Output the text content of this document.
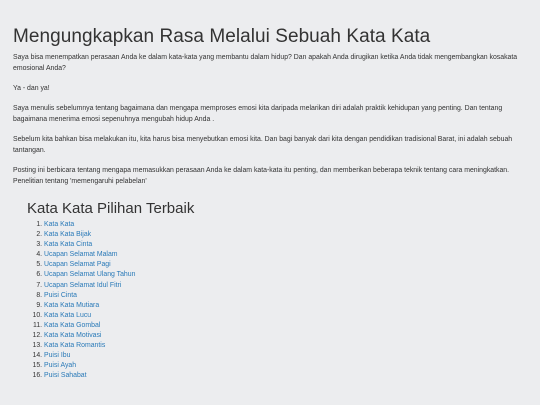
Mengungkapkan Rasa Melalui Sebuah Kata Kata

Saya bisa menempatkan perasaan Anda ke dalam kata-kata yang membantu dalam hidup? Dan apakah Anda dirugikan ketika Anda tidak mengembangkan kosakata emosional Anda?

Ya - dan ya!

Saya menulis sebelumnya tentang bagaimana dan mengapa memproses emosi kita daripada melarikan diri adalah praktik kehidupan yang penting. Dan tentang bagaimana menerima emosi sepenuhnya mengubah hidup Anda .

Sebelum kita bahkan bisa melakukan itu, kita harus bisa menyebutkan emosi kita. Dan bagi banyak dari kita dengan pendidikan tradisional Barat, ini adalah sebuah tantangan.

Posting ini berbicara tentang mengapa memasukkan perasaan Anda ke dalam kata-kata itu penting, dan memberikan beberapa teknik tentang cara meningkatkan. Penelitian tentang 'memengaruhi pelabelan'

Kata Kata Pilihan Terbaik
1. Kata Kata
2. Kata Kata Bijak
3. Kata Kata Cinta
4. Ucapan Selamat Malam
5. Ucapan Selamat Pagi
6. Ucapan Selamat Ulang Tahun
7. Ucapan Selamat Idul Fitri
8. Puisi Cinta
9. Kata Kata Mutiara
10. Kata Kata Lucu
11. Kata Kata Gombal
12. Kata Kata Motivasi
13. Kata Kata Romantis
14. Puisi Ibu
15. Puisi Ayah
16. Puisi Sahabat
